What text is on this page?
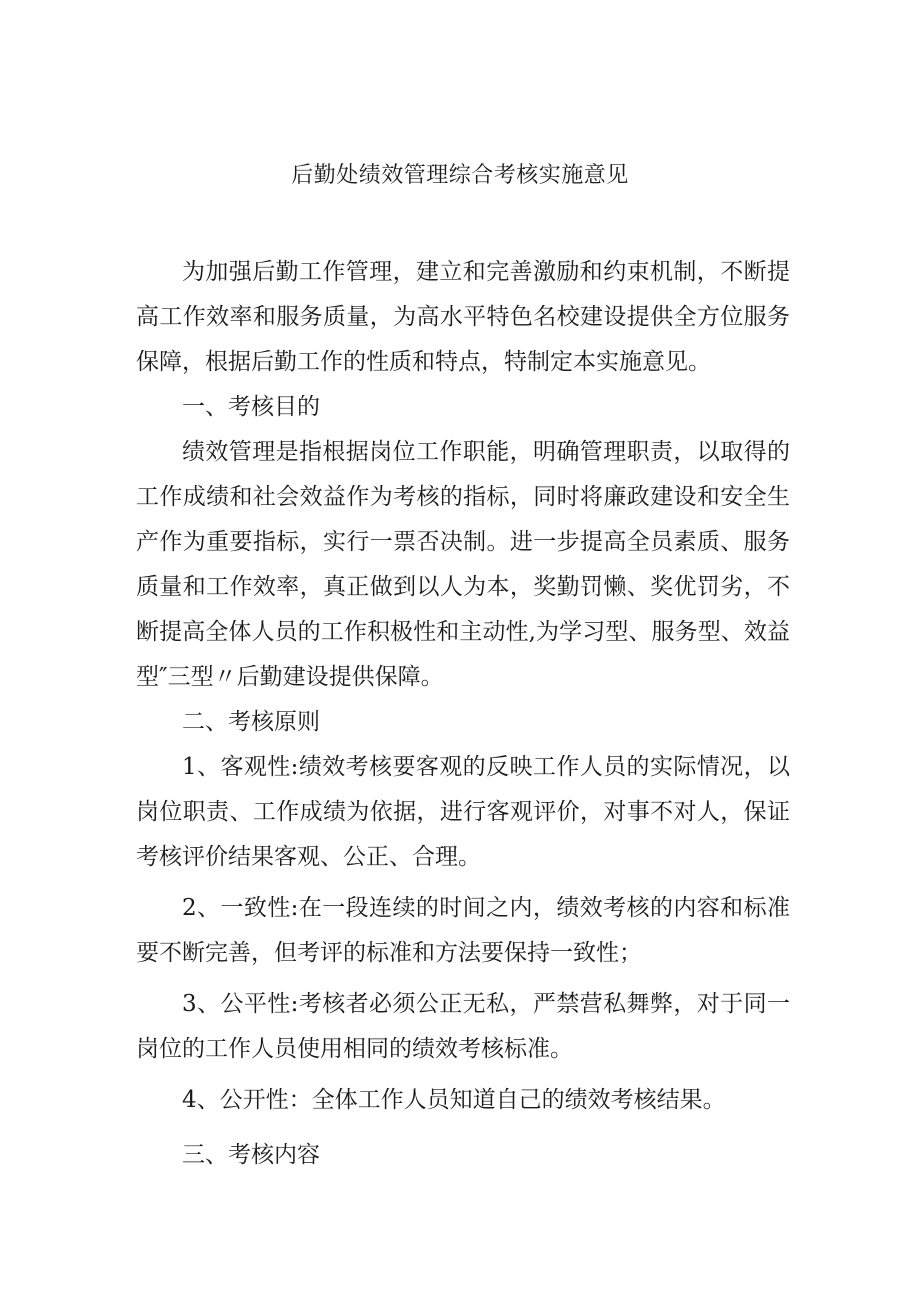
后勤处绩效管理综合考核实施意见

为加强后勤工作管理，建立和完善激励和约束机制，不断提高工作效率和服务质量，为高水平特色名校建设提供全方位服务保障，根据后勤工作的性质和特点，特制定本实施意见。

一、考核目的

绩效管理是指根据岗位工作职能，明确管理职责，以取得的工作成绩和社会效益作为考核的指标，同时将廉政建设和安全生产作为重要指标，实行一票否决制。进一步提高全员素质、服务质量和工作效率，真正做到以人为本，奖勤罚懒、奖优罚劣，不断提高全体人员的工作积极性和主动性,为学习型、服务型、效益型″三型〃后勤建设提供保障。

二、考核原则

1、客观性:绩效考核要客观的反映工作人员的实际情况，以岗位职责、工作成绩为依据，进行客观评价，对事不对人，保证考核评价结果客观、公正、合理。

2、一致性:在一段连续的时间之内，绩效考核的内容和标准要不断完善，但考评的标准和方法要保持一致性；

3、公平性:考核者必须公正无私，严禁营私舞弊，对于同一岗位的工作人员使用相同的绩效考核标准。

4、公开性：全体工作人员知道自己的绩效考核结果。

三、考核内容
